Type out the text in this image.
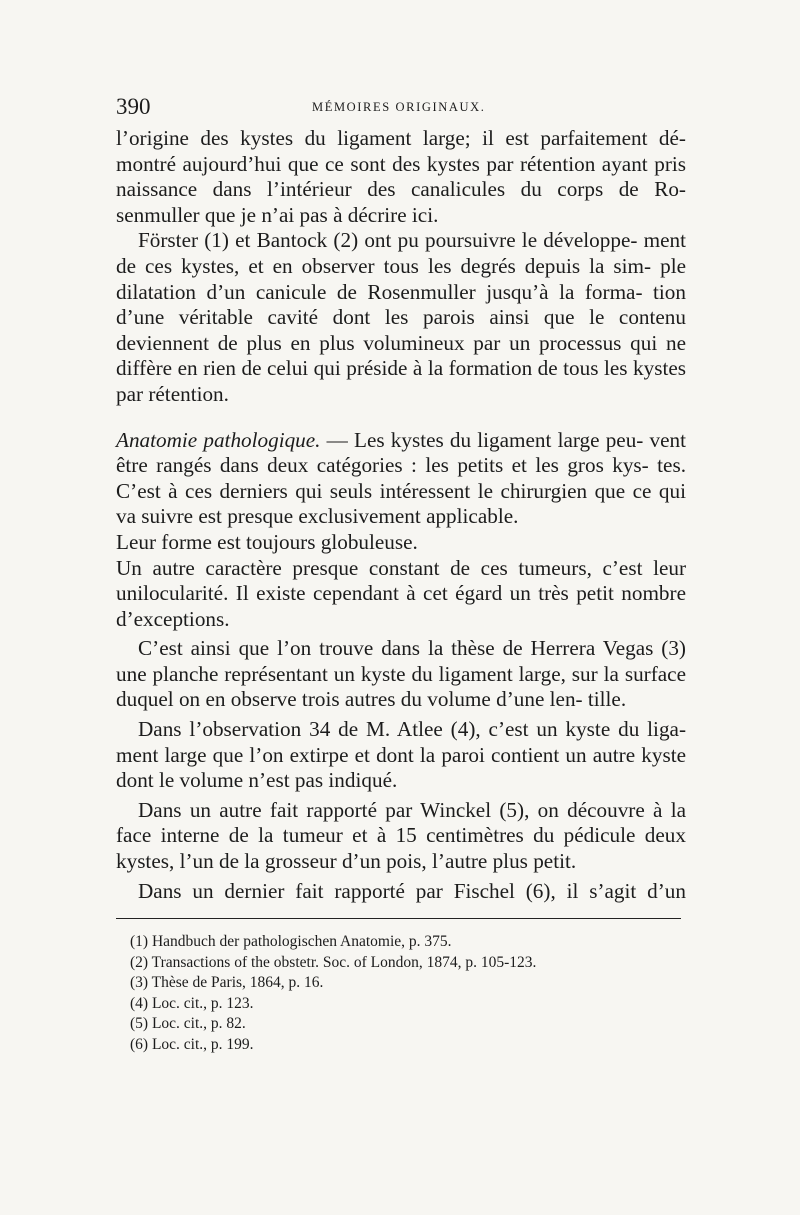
390	MÉMOIRES ORIGINAUX.

l’origine des kystes du ligament large; il est parfaitement dé- montré aujourd’hui que ce sont des kystes par rétention ayant pris naissance dans l’intérieur des canalicules du corps de Ro- senmuller que je n’ai pas à décrire ici.

Förster (1) et Bantock (2) ont pu poursuivre le développe- ment de ces kystes, et en observer tous les degrés depuis la sim- ple dilatation d’un canicule de Rosenmuller jusqu’à la forma- tion d’une véritable cavité dont les parois ainsi que le contenu deviennent de plus en plus volumineux par un processus qui ne diffère en rien de celui qui préside à la formation de tous les kystes par rétention.

Anatomie pathologique. — Les kystes du ligament large peu- vent être rangés dans deux catégories : les petits et les gros kys- tes. C’est à ces derniers qui seuls intéressent le chirurgien que ce qui va suivre est presque exclusivement applicable.

Leur forme est toujours globuleuse.

Un autre caractère presque constant de ces tumeurs, c’est leur unilocularité. Il existe cependant à cet égard un très petit nombre d’exceptions.

C’est ainsi que l’on trouve dans la thèse de Herrera Vegas (3) une planche représentant un kyste du ligament large, sur la surface duquel on en observe trois autres du volume d’une len- tille.

Dans l’observation 34 de M. Atlee (4), c’est un kyste du liga- ment large que l’on extirpe et dont la paroi contient un autre kyste dont le volume n’est pas indiqué.

Dans un autre fait rapporté par Winckel (5), on découvre à la face interne de la tumeur et à 15 centimètres du pédicule deux kystes, l’un de la grosseur d’un pois, l’autre plus petit.

Dans un dernier fait rapporté par Fischel (6), il s’agit d’un

(1) Handbuch der pathologischen Anatomie, p. 375.
(2) Transactions of the obstetr. Soc. of London, 1874, p. 105-123.
(3) Thèse de Paris, 1864, p. 16.
(4) Loc. cit., p. 123.
(5) Loc. cit., p. 82.
(6) Loc. cit., p. 199.
